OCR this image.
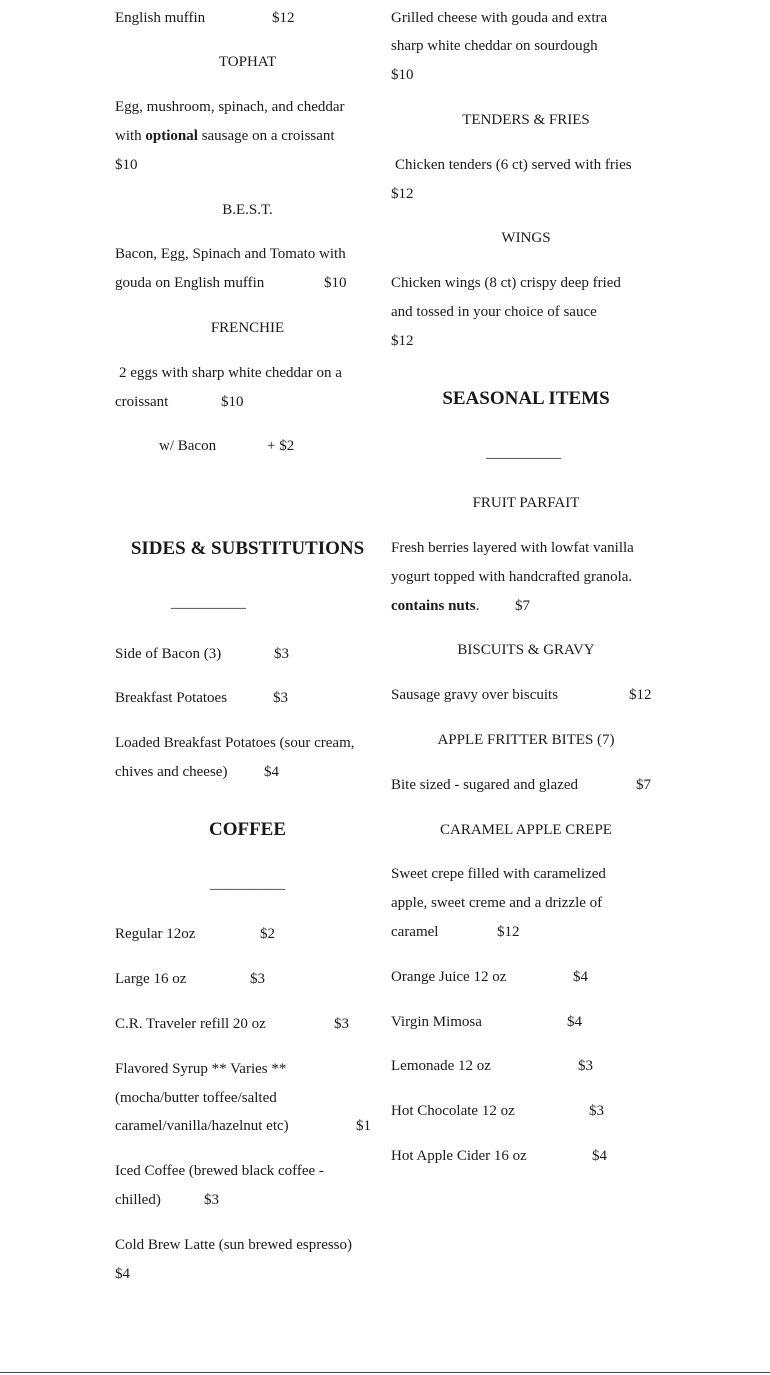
English muffin	$12
TOPHAT
Egg, mushroom, spinach, and cheddar
with optional sausage on a croissant
$10
B.E.S.T.
Bacon, Egg, Spinach and Tomato with
gouda on English muffin	$10
FRENCHIE
2 eggs with sharp white cheddar on a
croissant	$10
w/ Bacon	+ $2
SIDES & SUBSTITUTIONS
—————
Side of Bacon (3)	$3
Breakfast Potatoes	$3
Loaded Breakfast Potatoes (sour cream,
chives and cheese) $4
COFFEE
—————
Regular 12oz	$2
Large 16 oz	$3
C.R. Traveler refill 20 oz	$3
Flavored Syrup ** Varies **
(mocha/butter toffee/salted
caramel/vanilla/hazelnut etc)	$1
Iced Coffee (brewed black coffee -
chilled)	$3
Cold Brew Latte (sun brewed espresso)
$4
Grilled cheese with gouda and extra
sharp white cheddar on sourdough
$10
TENDERS & FRIES
Chicken tenders (6 ct) served with fries
$12
WINGS
Chicken wings (8 ct) crispy deep fried
and tossed in your choice of sauce
$12
SEASONAL ITEMS
—————
FRUIT PARFAIT
Fresh berries layered with lowfat vanilla
yogurt topped with handcrafted granola.
contains nuts. $7
BISCUITS & GRAVY
Sausage gravy over biscuits	$12
APPLE FRITTER BITES (7)
Bite sized - sugared and glazed	$7
CARAMEL APPLE CREPE
Sweet crepe filled with caramelized
apple, sweet creme and a drizzle of
caramel	$12
Orange Juice 12 oz	$4
Virgin Mimosa	$4
Lemonade 12 oz	$3
Hot Chocolate 12 oz	$3
Hot Apple Cider 16 oz	$4
